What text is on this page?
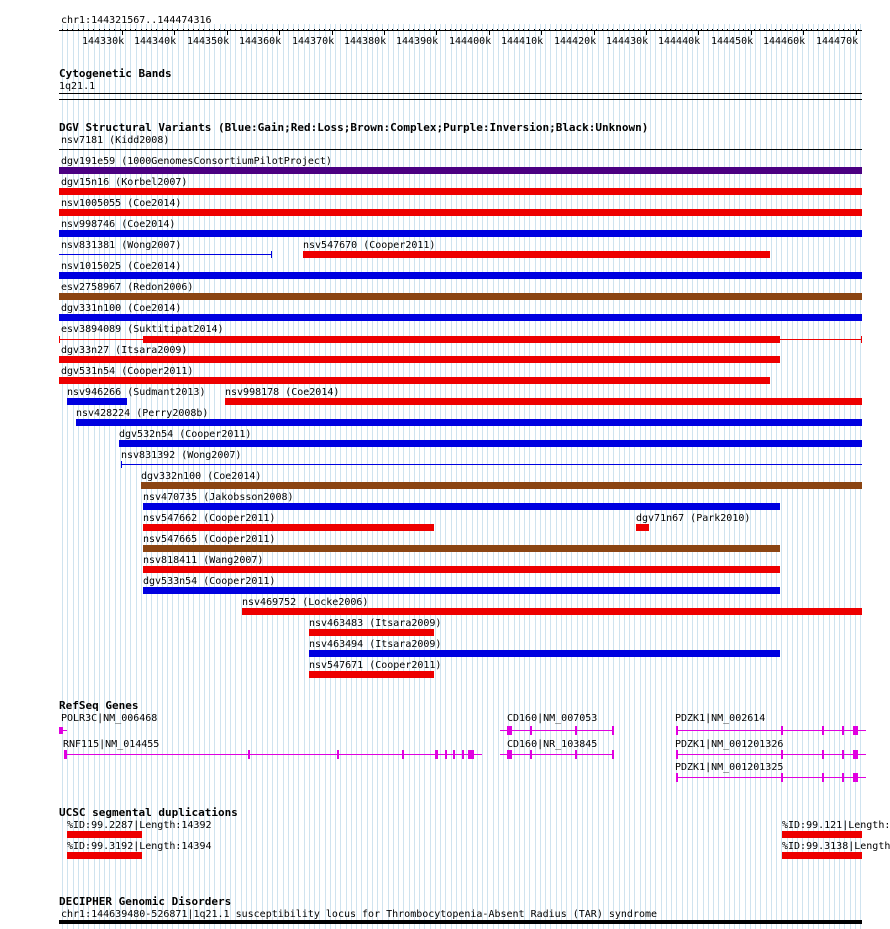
chr1:144321567..144474316
144330k 144340k 144350k 144360k 144370k 144380k 144390k 144400k 144410k 144420k 144430k 144440k 144450k 144460k 144470k
Cytogenetic Bands
1q21.1
DGV Structural Variants (Blue:Gain;Red:Loss;Brown:Complex;Purple:Inversion;Black:Unknown)
nsv7181 (Kidd2008)
dgv191e59 (1000GenomesConsortiumPilotProject)
dgv15n16 (Korbel2007)
nsv1005055 (Coe2014)
nsv998746 (Coe2014)
nsv831381 (Wong2007)	nsv547670 (Cooper2011)
nsv1015025 (Coe2014)
esv2758967 (Redon2006)
dgv331n100 (Coe2014)
esv3894089 (Suktitipat2014)
dgv33n27 (Itsara2009)
dgv531n54 (Cooper2011)
nsv946266 (Sudmant2013) nsv998178 (Coe2014)
nsv428224 (Perry2008b)
dgv532n54 (Cooper2011)
nsv831392 (Wong2007)
dgv332n100 (Coe2014)
nsv470735 (Jakobsson2008)
nsv547662 (Cooper2011)	dgv71n67 (Park2010)
nsv547665 (Cooper2011)
nsv818411 (Wang2007)
dgv533n54 (Cooper2011)
nsv469752 (Locke2006)
nsv463483 (Itsara2009)
nsv463494 (Itsara2009)
nsv547671 (Cooper2011)
RefSeq Genes
POLR3C|NM_006468
RNF115|NM_014455
CD160|NM_007053
CD160|NR_103845
PDZK1|NM_002614
PDZK1|NM_001201326
PDZK1|NM_001201325
UCSC segmental duplications
%ID:99.2287|Length:14392
%ID:99.3192|Length:14394
%ID:99.121|Length:
%ID:99.3138|Length
DECIPHER Genomic Disorders
chr1:144639480-526871|1q21.1 susceptibility locus for Thrombocytopenia-Absent Radius (TAR) syndrome
